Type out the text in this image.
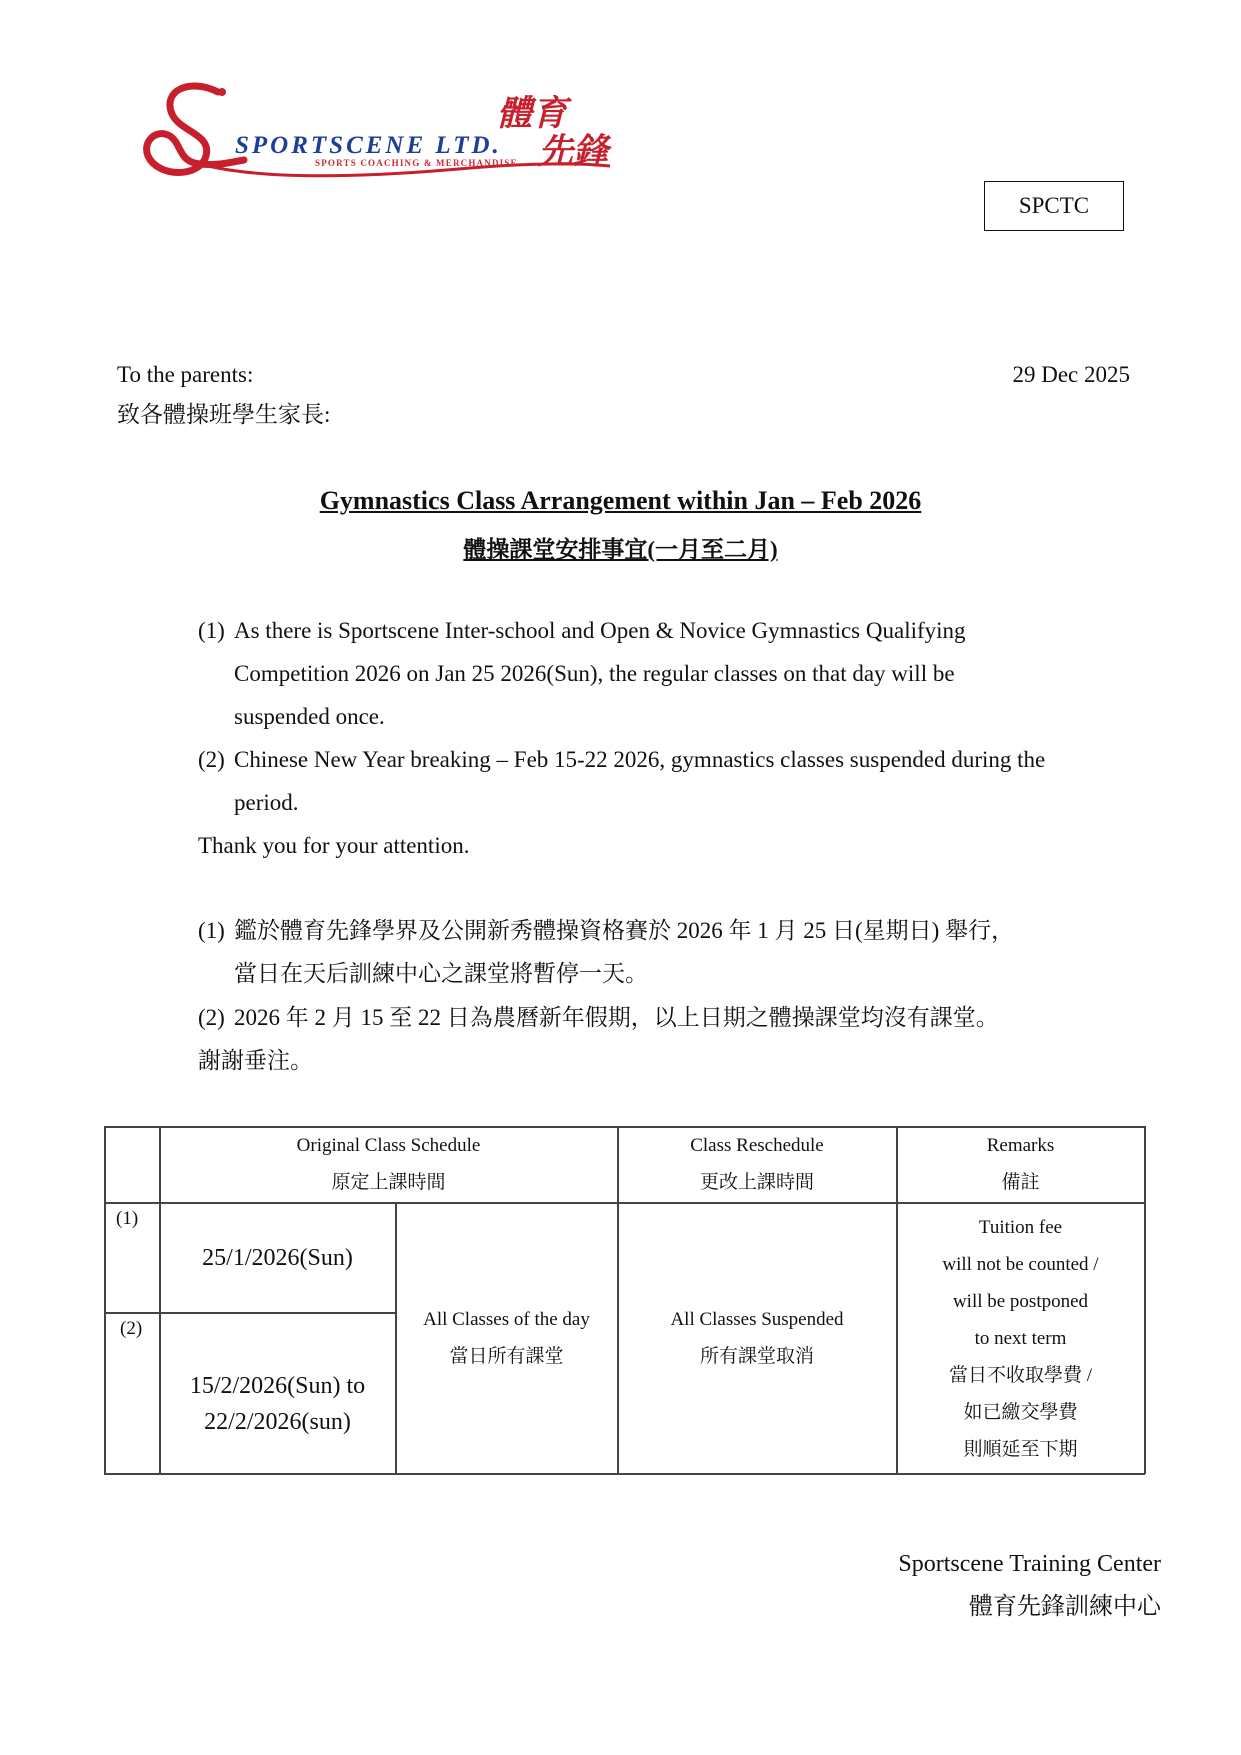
SPORTSCENE LTD.
SPORTS COACHING & MERCHANDISE
體育
先鋒
SPCTC
To the parents:	29 Dec 2025
致各體操班學生家長:
Gymnastics Class Arrangement within Jan – Feb 2026
體操課堂安排事宜(一月至二月)
(1) As there is Sportscene Inter-school and Open & Novice Gymnastics Qualifying
Competition 2026 on Jan 25 2026(Sun), the regular classes on that day will be
suspended once.
(2) Chinese New Year breaking – Feb 15-22 2026, gymnastics classes suspended during the
period.
Thank you for your attention.
(1) 鑑於體育先鋒學界及公開新秀體操資格賽於 2026 年 1 月 25 日(星期日) 舉行，
當日在天后訓練中心之課堂將暫停一天。
(2) 2026 年 2 月 15 至 22 日為農曆新年假期，以上日期之體操課堂均沒有課堂。
謝謝垂注。
Original Class Schedule
原定上課時間
Class Reschedule
更改上課時間
Remarks
備註
(1)
(2)
25/1/2026(Sun)
15/2/2026(Sun) to
22/2/2026(sun)
All Classes of the day
當日所有課堂
All Classes Suspended
所有課堂取消
Tuition fee
will not be counted /
will be postponed
to next term
當日不收取學費 /
如已繳交學費
則順延至下期
Sportscene Training Center
體育先鋒訓練中心
